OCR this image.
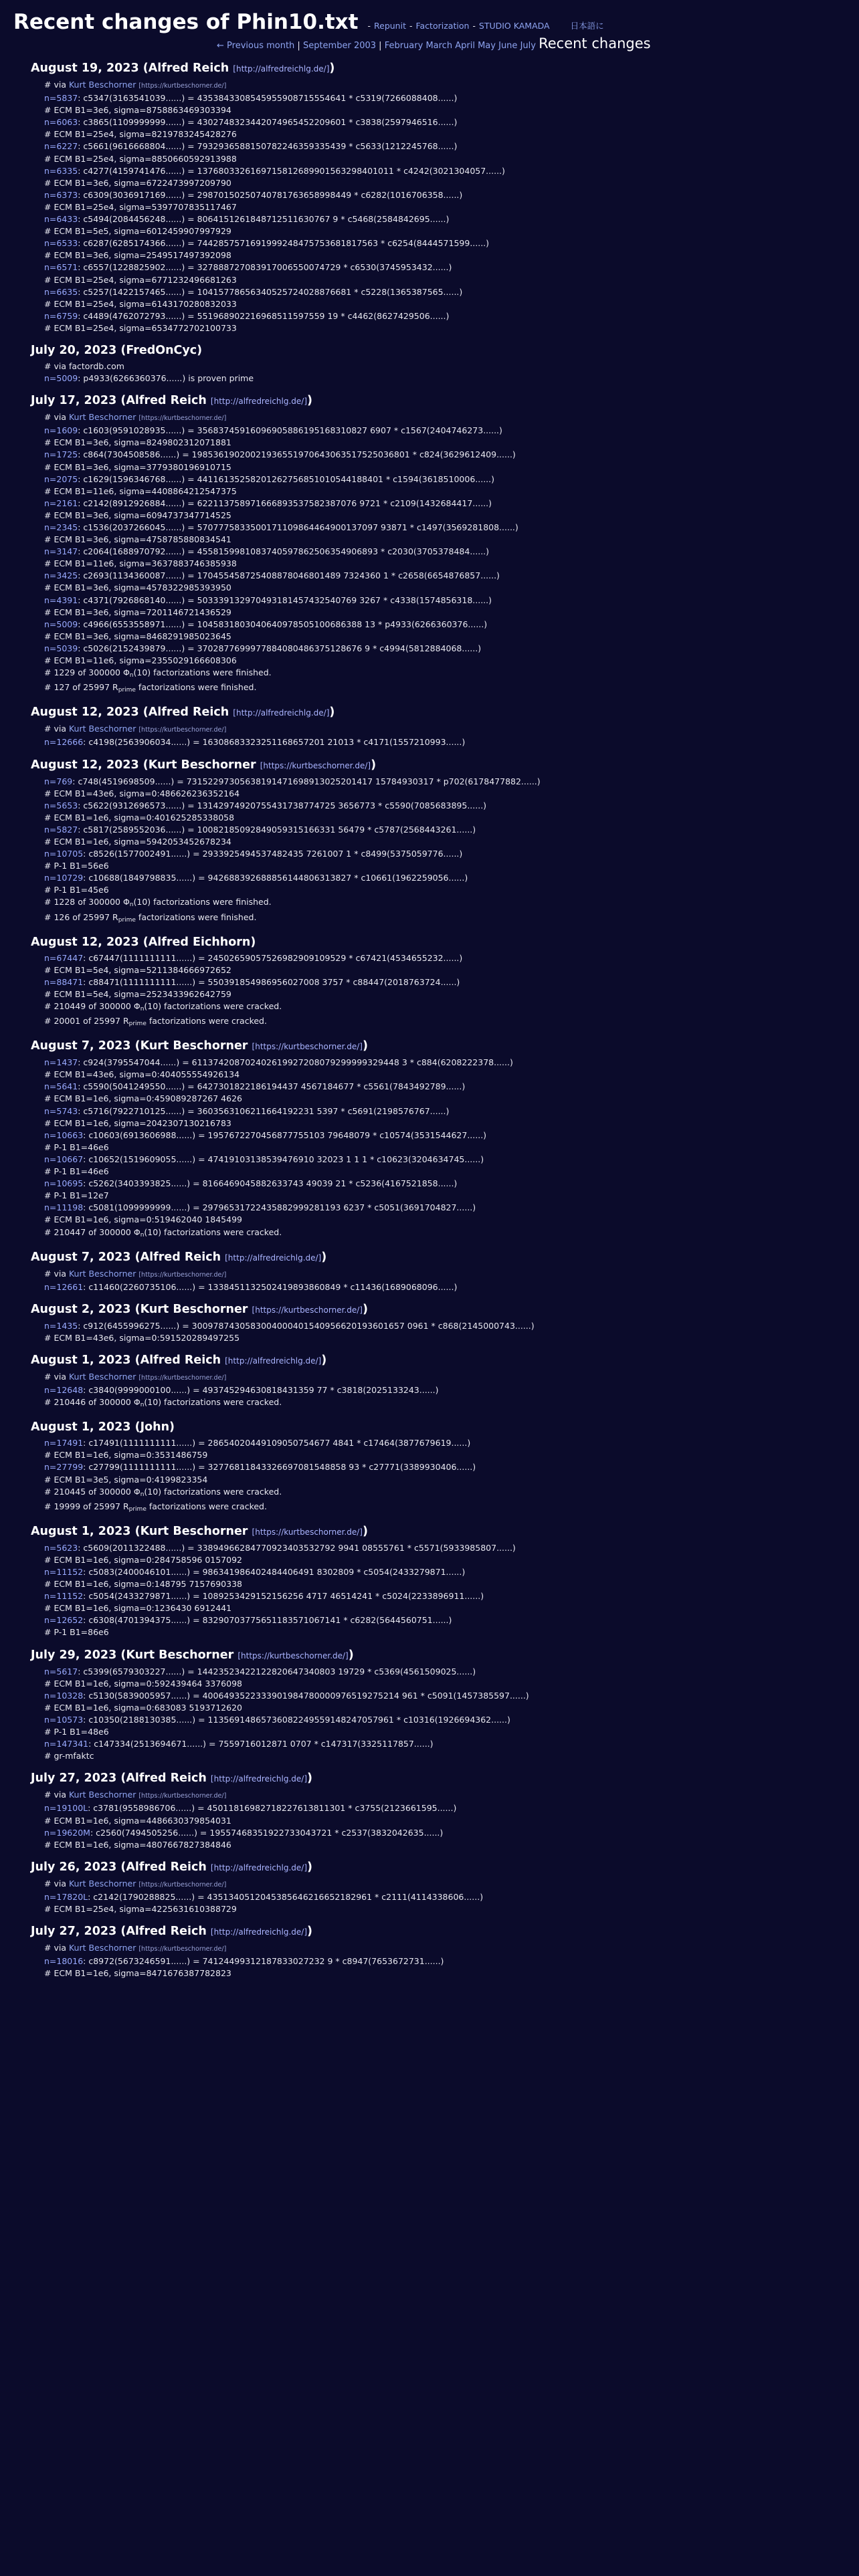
Recent changes of Phin10.txt - Repunit - Factorization - STUDIO KAMADA 日本語に
← Previous month | September 2003 | February March April May June July Recent changes
August 19, 2023 (Alfred Reich [http://alfredreichlg.de/])
# via Kurt Beschorner [https://kurtbeschorner.de/]
n=5837: c5347(3163541039......) = 4353843308545955908715554641 * c5319(7266088408......)
# ECM B1=3e6, sigma=8758863469303394
n=6063: c3865(1109999999......) = 4302748323442074965452209601 * c3838(2597946516......)
# ECM B1=25e4, sigma=8219783245428276
n=6227: c5661(9616668804......) = 7932936588150782246359335439 * c5633(1212245768......)
# ECM B1=25e4, sigma=8850660592913988
n=6335: c4277(4159741476......) = 1376803326169715812689901563298401011 * c4242(3021304057......)
# ECM B1=3e6, sigma=6722473997209790
n=6373: c6309(3036917169......) = 29870150250740781763658998449 * c6282(1016706358......)
# ECM B1=25e4, sigma=5397707835117467
n=6433: c5494(2084456248......) = 8064151261848712511630767 9 * c5468(2584842695......)
# ECM B1=5e5, sigma=6012459907997929
n=6533: c6287(6285174366......) = 7442857571691999248475753681817563 * c6254(8444571599......)
# ECM B1=3e6, sigma=2549517497392098
n=6571: c6557(1228825902......) = 327888727083917006550074729 * c6530(3745953432......)
# ECM B1=25e4, sigma=6771232496681263
n=6635: c5257(1422157465......) = 10415778656340525724028876681 * c5228(1365387565......)
# ECM B1=25e4, sigma=6143170280832033
n=6759: c4489(4762072793......) = 551968902216968511597559 19 * c4462(8627429506......)
# ECM B1=25e4, sigma=6534772702100733
July 20, 2023 (FredOnCyc)
# via factordb.com
n=5009: p4933(6266360376......) is proven prime
July 17, 2023 (Alfred Reich [http://alfredreichlg.de/])
# via Kurt Beschorner [https://kurtbeschorner.de/]
n=1609: c1603(9591028935......) = 35683745916096905886195168310827 6907 * c1567(2404746273......)
# ECM B1=3e6, sigma=8249802312071881
n=1725: c864(7304508586......) = 19853619020021936551970643063517525036801 * c824(3629612409......)
# ECM B1=3e6, sigma=3779380196910715
n=2075: c1629(1596346768......) = 44116135258201262756851010544188401 * c1594(3618510006......)
# ECM B1=11e6, sigma=4408864212547375
n=2161: c2142(8912926884......) = 622113758971666893537582387076 9721 * c2109(1432684417......)
# ECM B1=3e6, sigma=6094737347714525
n=2345: c1536(2037266045......) = 5707775833500171109864464900137097 93871 * c1497(3569281808......)
# ECM B1=3e6, sigma=4758785880834541
n=3147: c2064(1688970792......) = 4558159981083740597862506354906893 * c2030(3705378484......)
# ECM B1=11e6, sigma=3637883746385938
n=3425: c2693(1134360087......) = 170455458725408878046801489 7324360 1 * c2658(6654876857......)
# ECM B1=3e6, sigma=4578322985393950
n=4391: c4371(7926868140......) = 503339132970493181457432540769 3267 * c4338(1574856318......)
# ECM B1=3e6, sigma=7201146721436529
n=5009: c4966(6553558971......) = 1045831803040640978505100686388 13 * p4933(6266360376......)
# ECM B1=3e6, sigma=8468291985023645
n=5039: c5026(2152439879......) = 3702877699977884080486375128676 9 * c4994(5812884068......)
# ECM B1=11e6, sigma=2355029166608306
# 1229 of 300000 $\Phi_n(10)$ factorizations were finished.
# 127 of 25997 $R_{prime}$ factorizations were finished.
August 12, 2023 (Alfred Reich [http://alfredreichlg.de/])
# via Kurt Beschorner [https://kurtbeschorner.de/]
n=12666: c4198(2563906034......) = 16308683323251168657201 21013 * c4171(1557210993......)
August 12, 2023 (Kurt Beschorner [https://kurtbeschorner.de/])
n=769: c748(4519698509......) = 73152297305638191471698913025201417 15784930317 * p702(6178477882......)
# ECM B1=43e6, sigma=0:486626236352164
n=5653: c5622(9312696573......) = 13142974920755431738774725 3656773 * c5590(7085683895......)
# ECM B1=1e6, sigma=0:401625285338058
n=5827: c5817(2589552036......) = 10082185092849059315166331 56479 * c5787(2568443261......)
# ECM B1=1e6, sigma=5942053452678234
n=10705: c8526(1577002491......) = 2933925494537482435 7261007 1 * c8499(5375059776......)
# P-1 B1=56e6
n=10729: c10688(1849798835......) = 942688392688856144806313827 * c10661(1962259056......)
# P-1 B1=45e6
# 1228 of 300000 $\Phi_n(10)$ factorizations were finished.
# 126 of 25997 $R_{prime}$ factorizations were finished.
August 12, 2023 (Alfred Eichhorn)
n=67447: c67447(1111111111......) = 24502659057526982909109529 * c67421(4534655232......)
# ECM B1=5e4, sigma=5211384666972652
n=88471: c88471(1111111111......) = 550391854986956027008 3757 * c88447(2018763724......)
# ECM B1=5e4, sigma=2523433962642759
# 210449 of 300000 $\Phi_n(10)$ factorizations were cracked.
# 20001 of 25997 $R_{prime}$ factorizations were cracked.
August 7, 2023 (Kurt Beschorner [https://kurtbeschorner.de/])
n=1437: c924(3795547044......) = 611374208702402619927208079299999329448 3 * c884(6208222378......)
# ECM B1=43e6, sigma=0:404055554926134
n=5641: c5590(5041249550......) = 6427301822186194437 4567184677 * c5561(7843492789......)
# ECM B1=1e6, sigma=0:459089287267 4626
n=5743: c5716(7922710125......) = 3603563106211664192231 5397 * c5691(2198576767......)
# ECM B1=1e6, sigma=2042307130216783
n=10663: c10603(6913606988......) = 1957672270456877755103 79648079 * c10574(3531544627......)
# P-1 B1=46e6
n=10667: c10652(1519609055......) = 47419103138539476910 32023 1 1 1 * c10623(3204634745......)
# P-1 B1=46e6
n=10695: c5262(3403393825......) = 8166469045882633743 49039 21 * c5236(4167521858......)
# P-1 B1=12e7
n=11198: c5081(1099999999......) = 29796531722435882999281193 6237 * c5051(3691704827......)
# ECM B1=1e6, sigma=0:519462040 1845499
# 210447 of 300000 $\Phi_n(10)$ factorizations were cracked.
August 7, 2023 (Alfred Reich [http://alfredreichlg.de/])
# via Kurt Beschorner [https://kurtbeschorner.de/]
n=12661: c11460(2260735106......) = 1338451132502419893860849 * c11436(1689068096......)
August 2, 2023 (Kurt Beschorner [https://kurtbeschorner.de/])
n=1435: c912(6455996275......) = 3009787430583004000401540956620193601657 0961 * c868(2145000743......)
# ECM B1=43e6, sigma=0:591520289497255
August 1, 2023 (Alfred Reich [http://alfredreichlg.de/])
# via Kurt Beschorner [https://kurtbeschorner.de/]
n=12648: c3840(9999000100......) = 493745294630818431359 77 * c3818(2025133243......)
# 210446 of 300000 $\Phi_n(10)$ factorizations were cracked.
August 1, 2023 (John)
n=17491: c17491(1111111111......) = 28654020449109050754677 4841 * c17464(3877679619......)
# ECM B1=1e6, sigma=0:3531486759
n=27799: c27799(1111111111......) = 32776811843326697081548858 93 * c27771(3389930406......)
# ECM B1=3e5, sigma=0:4199823354
# 210445 of 300000 $\Phi_n(10)$ factorizations were cracked.
# 19999 of 25997 $R_{prime}$ factorizations were cracked.
August 1, 2023 (Kurt Beschorner [https://kurtbeschorner.de/])
n=5623: c5609(2011322488......) = 33894966284770923403532792 9941 08555761 * c5571(5933985807......)
# ECM B1=1e6, sigma=0:284758596 0157092
n=11152: c5083(2400046101......) = 986341986402484406491 8302809 * c5054(2433279871......)
# ECM B1=1e6, sigma=0:148795 7157690338
n=11152: c5054(2433279871......) = 1089253429152156256 4717 46514241 * c5024(2233896911......)
# ECM B1=1e6, sigma=0:1236430 6912441
n=12652: c6308(4701394375......) = 83290703775651183571067141 * c6282(5644560751......)
# P-1 B1=86e6
July 29, 2023 (Kurt Beschorner [https://kurtbeschorner.de/])
n=5617: c5399(6579303227......) = 14423523422122820647340803 19729 * c5369(4561509025......)
# ECM B1=1e6, sigma=0:592439464 3376098
n=10328: c5130(5839005957......) = 4006493522333901984780000976519275214 961 * c5091(1457385597......)
# ECM B1=1e6, sigma=0:683083 5193712620
n=10573: c10350(2188130385......) = 11356914865736082249559148247057961 * c10316(1926694362......)
# P-1 B1=48e6
n=147341: c147334(2513694671......) = 7559716012871 0707 * c147317(3325117857......)
# gr-mfaktc
July 27, 2023 (Alfred Reich [http://alfredreichlg.de/])
# via Kurt Beschorner [https://kurtbeschorner.de/]
n=19100L: c3781(9558986706......) = 45011816982718227613811301 * c3755(2123661595......)
# ECM B1=1e6, sigma=4486630379854031
n=19620M: c2560(7494505256......) = 19557468351922733043721 * c2537(3832042635......)
# ECM B1=1e6, sigma=4807667827384846
July 26, 2023 (Alfred Reich [http://alfredreichlg.de/])
# via Kurt Beschorner [https://kurtbeschorner.de/]
n=17820L: c2142(1790288825......) = 4351340512045385646216652182961 * c2111(4114338606......)
# ECM B1=25e4, sigma=4225631610388729
July 27, 2023 (Alfred Reich [http://alfredreichlg.de/])
# via Kurt Beschorner [https://kurtbeschorner.de/]
n=18016: c8972(5673246591......) = 74124499312187833027232 9 * c8947(7653672731......)
# ECM B1=1e6, sigma=8471676387782823
